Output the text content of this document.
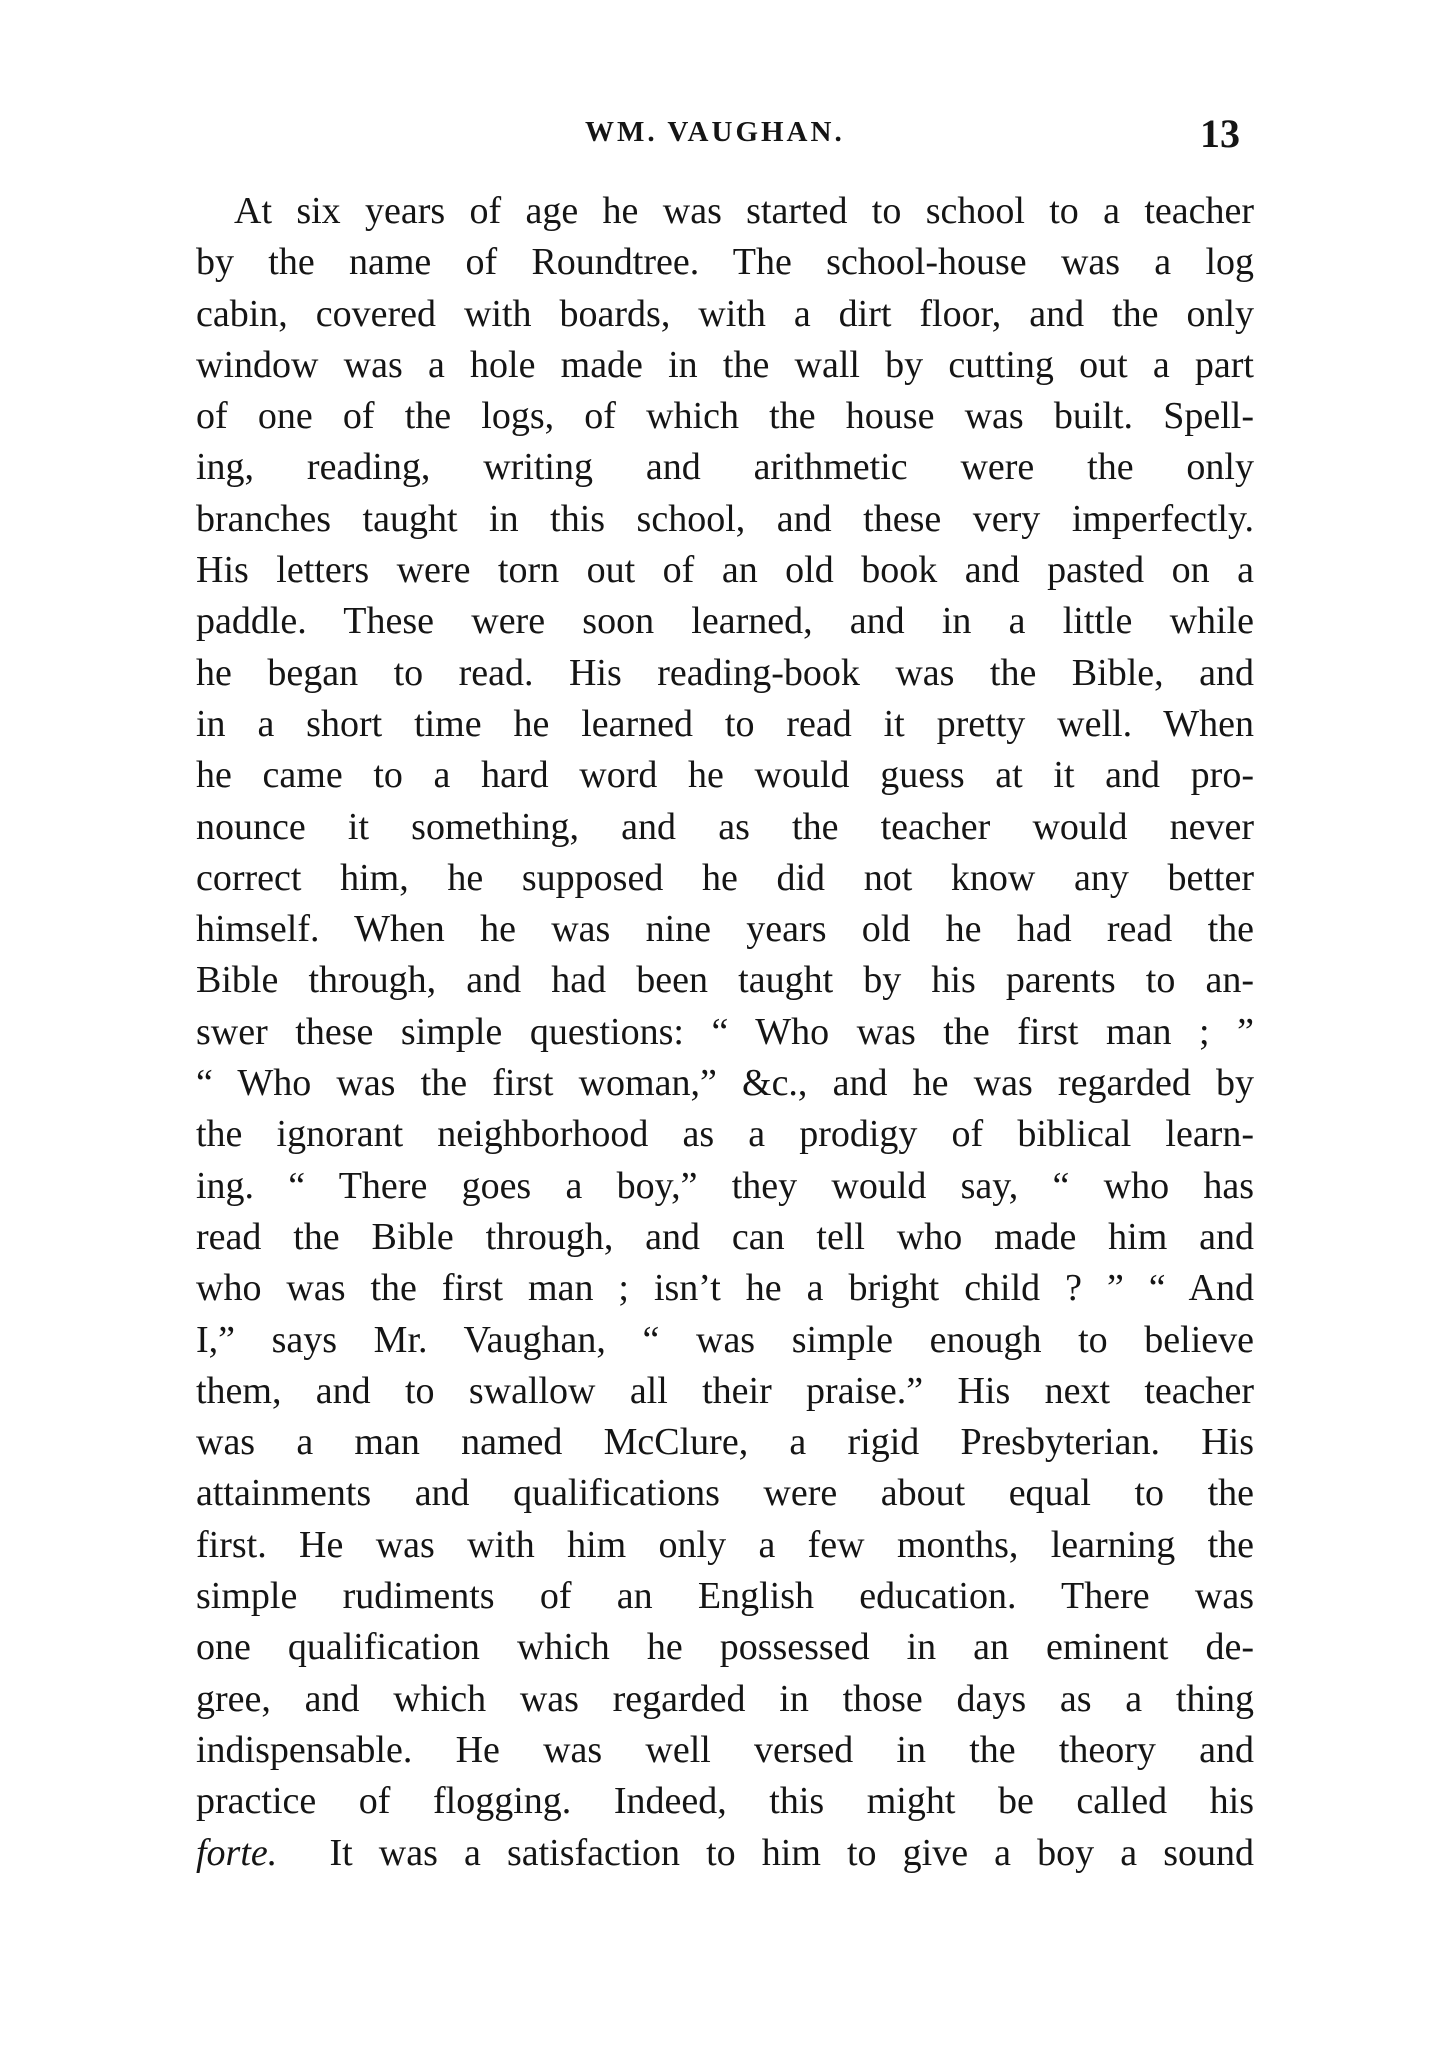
WM. VAUGHAN.	13
At six years of age he was started to school to a teacher
by the name of Roundtree. The school-house was a log
cabin, covered with boards, with a dirt floor, and the only
window was a hole made in the wall by cutting out a part
of one of the logs, of which the house was built. Spell-
ing, reading, writing and arithmetic were the only
branches taught in this school, and these very imperfectly.
His letters were torn out of an old book and pasted on a
paddle. These were soon learned, and in a little while
he began to read. His reading-book was the Bible, and
in a short time he learned to read it pretty well. When
he came to a hard word he would guess at it and pro-
nounce it something, and as the teacher would never
correct him, he supposed he did not know any better
himself. When he was nine years old he had read the
Bible through, and had been taught by his parents to an-
swer these simple questions: “ Who was the first man ; ”
“ Who was the first woman,” &c., and he was regarded by
the ignorant neighborhood as a prodigy of biblical learn-
ing. “ There goes a boy,” they would say, “ who has
read the Bible through, and can tell who made him and
who was the first man ; isn’t he a bright child ? ” “ And
I,” says Mr. Vaughan, “ was simple enough to believe
them, and to swallow all their praise.” His next teacher
was a man named McClure, a rigid Presbyterian. His
attainments and qualifications were about equal to the
first. He was with him only a few months, learning the
simple rudiments of an English education. There was
one qualification which he possessed in an eminent de-
gree, and which was regarded in those days as a thing
indispensable. He was well versed in the theory and
practice of flogging. Indeed, this might be called his
forte. It was a satisfaction to him to give a boy a sound
